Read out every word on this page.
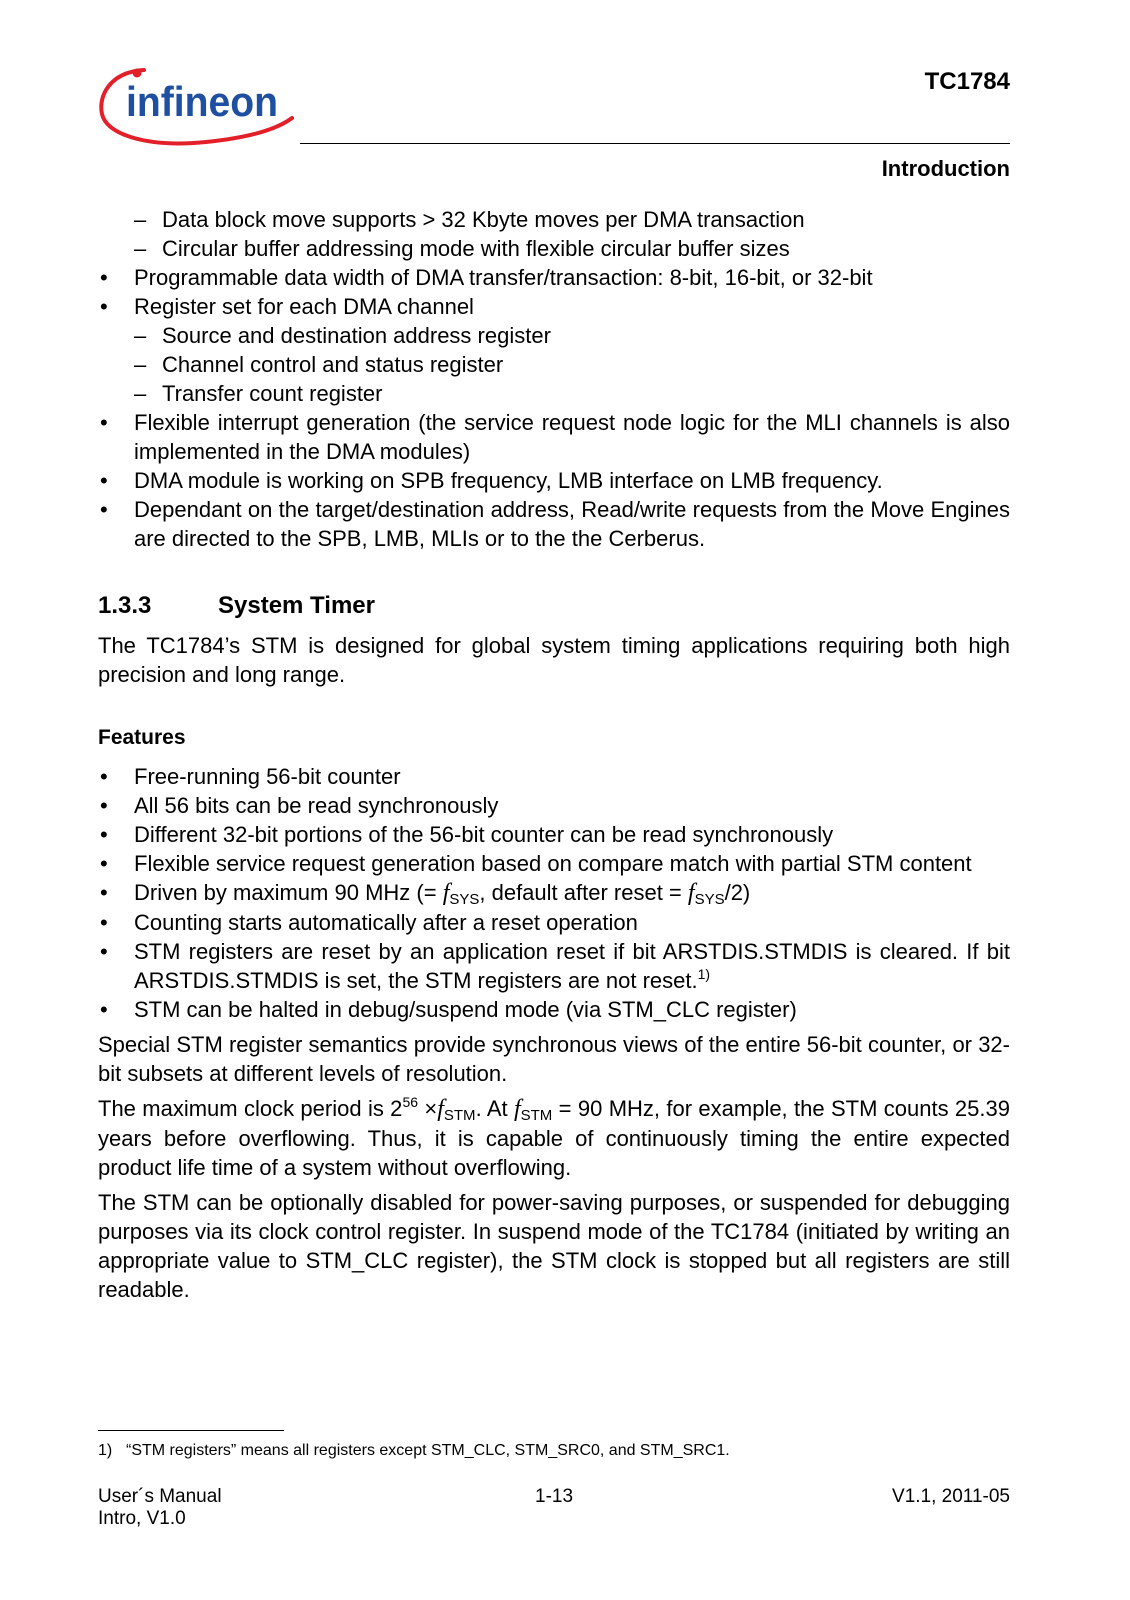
infineon	TC1784
Introduction
– Data block move supports > 32 Kbyte moves per DMA transaction
– Circular buffer addressing mode with flexible circular buffer sizes
• Programmable data width of DMA transfer/transaction: 8-bit, 16-bit, or 32-bit
• Register set for each DMA channel
– Source and destination address register
– Channel control and status register
– Transfer count register
• Flexible interrupt generation (the service request node logic for the MLI channels is also implemented in the DMA modules)
• DMA module is working on SPB frequency, LMB interface on LMB frequency.
• Dependant on the target/destination address, Read/write requests from the Move Engines are directed to the SPB, LMB, MLIs or to the the Cerberus.
1.3.3	System Timer

The TC1784’s STM is designed for global system timing applications requiring both high precision and long range.

Features
• Free-running 56-bit counter
• All 56 bits can be read synchronously
• Different 32-bit portions of the 56-bit counter can be read synchronously
• Flexible service request generation based on compare match with partial STM content
• Driven by maximum 90 MHz (= $f_{SYS}$, default after reset = $f_{SYS}/2$)
• Counting starts automatically after a reset operation
• STM registers are reset by an application reset if bit ARSTDIS.STMDIS is cleared. If bit ARSTDIS.STMDIS is set, the STM registers are not reset.$^{1)}$
• STM can be halted in debug/suspend mode (via STM_CLC register)

Special STM register semantics provide synchronous views of the entire 56-bit counter, or 32-bit subsets at different levels of resolution.

The maximum clock period is $2^{56} \times f_{STM}$. At $f_{STM} = 90$ MHz, for example, the STM counts 25.39 years before overflowing. Thus, it is capable of continuously timing the entire expected product life time of a system without overflowing.

The STM can be optionally disabled for power-saving purposes, or suspended for debugging purposes via its clock control register. In suspend mode of the TC1784 (initiated by writing an appropriate value to STM_CLC register), the STM clock is stopped but all registers are still readable.

1) “STM registers” means all registers except STM_CLC, STM_SRC0, and STM_SRC1.
User´s Manual
Intro, V1.0
1-13	V1.1, 2011-05
